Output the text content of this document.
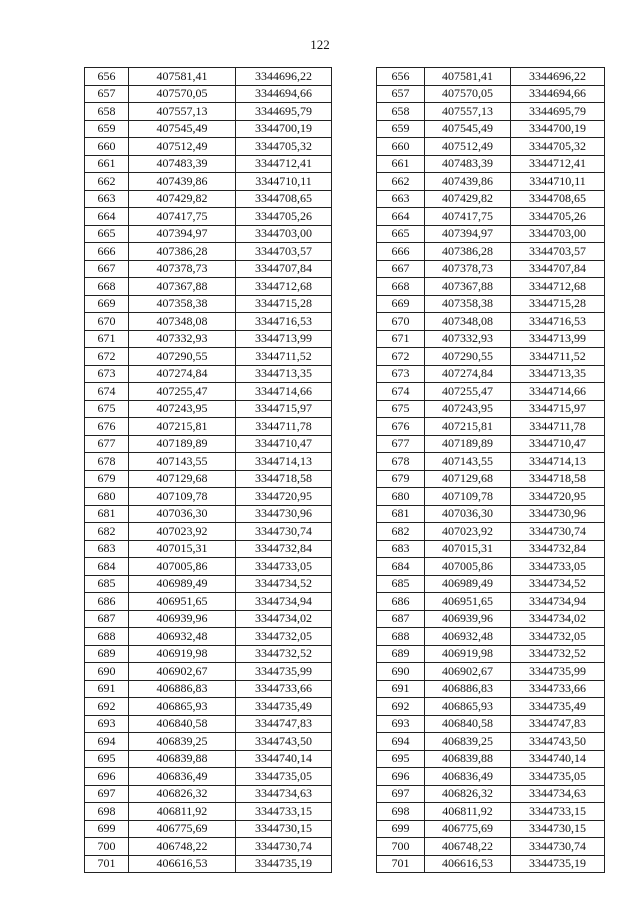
122
656	407581,41	3344696,22
657	407570,05	3344694,66
658	407557,13	3344695,79
659	407545,49	3344700,19
660	407512,49	3344705,32
661	407483,39	3344712,41
662	407439,86	3344710,11
663	407429,82	3344708,65
664	407417,75	3344705,26
665	407394,97	3344703,00
666	407386,28	3344703,57
667	407378,73	3344707,84
668	407367,88	3344712,68
669	407358,38	3344715,28
670	407348,08	3344716,53
671	407332,93	3344713,99
672	407290,55	3344711,52
673	407274,84	3344713,35
674	407255,47	3344714,66
675	407243,95	3344715,97
676	407215,81	3344711,78
677	407189,89	3344710,47
678	407143,55	3344714,13
679	407129,68	3344718,58
680	407109,78	3344720,95
681	407036,30	3344730,96
682	407023,92	3344730,74
683	407015,31	3344732,84
684	407005,86	3344733,05
685	406989,49	3344734,52
686	406951,65	3344734,94
687	406939,96	3344734,02
688	406932,48	3344732,05
689	406919,98	3344732,52
690	406902,67	3344735,99
691	406886,83	3344733,66
692	406865,93	3344735,49
693	406840,58	3344747,83
694	406839,25	3344743,50
695	406839,88	3344740,14
696	406836,49	3344735,05
697	406826,32	3344734,63
698	406811,92	3344733,15
699	406775,69	3344730,15
700	406748,22	3344730,74
701	406616,53	3344735,19
656	407581,41	3344696,22
657	407570,05	3344694,66
658	407557,13	3344695,79
659	407545,49	3344700,19
660	407512,49	3344705,32
661	407483,39	3344712,41
662	407439,86	3344710,11
663	407429,82	3344708,65
664	407417,75	3344705,26
665	407394,97	3344703,00
666	407386,28	3344703,57
667	407378,73	3344707,84
668	407367,88	3344712,68
669	407358,38	3344715,28
670	407348,08	3344716,53
671	407332,93	3344713,99
672	407290,55	3344711,52
673	407274,84	3344713,35
674	407255,47	3344714,66
675	407243,95	3344715,97
676	407215,81	3344711,78
677	407189,89	3344710,47
678	407143,55	3344714,13
679	407129,68	3344718,58
680	407109,78	3344720,95
681	407036,30	3344730,96
682	407023,92	3344730,74
683	407015,31	3344732,84
684	407005,86	3344733,05
685	406989,49	3344734,52
686	406951,65	3344734,94
687	406939,96	3344734,02
688	406932,48	3344732,05
689	406919,98	3344732,52
690	406902,67	3344735,99
691	406886,83	3344733,66
692	406865,93	3344735,49
693	406840,58	3344747,83
694	406839,25	3344743,50
695	406839,88	3344740,14
696	406836,49	3344735,05
697	406826,32	3344734,63
698	406811,92	3344733,15
699	406775,69	3344730,15
700	406748,22	3344730,74
701	406616,53	3344735,19
